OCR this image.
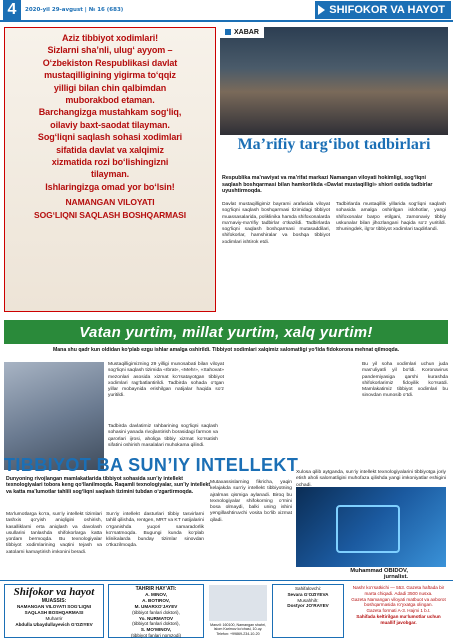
4	2020-yil 29-avgust | № 16 (683)	SHIFOKOR VA HAYOT

Aziz tibbiyot xodimlari!
Sizlarni sha’nli, ulug‘ ayyom –
O‘zbekiston Respublikasi davlat
mustaqilligining yigirma to‘qqiz
yilligi bilan chin qalbimdan
muborakbod etaman.
Barchangizga mustahkam sog‘liq,
oilaviy baxt-saodat tilayman.
Sog‘liqni saqlash sohasi xodimlari
sifatida davlat va xalqimiz
xizmatida rozi bo‘lishingizni
tilayman.
Ishlaringizga omad yor bo‘lsin!

NAMANGAN VILOYATI
SOG‘LIQNI SAQLASH BOSHQARMASI

XABAR
Ma’rifiy targ‘ibot tadbirlari
Respublika ma’naviyat va ma’rifat markazi Namangan viloyati hokimligi, sog‘liqni saqlash boshqarmasi bilan hamkorlikda «Davlat mustaqilligi» shiori ostida tadbirlar uyushtirmoqda.
Davlat mustaqilligimiz bayrami arafasida viloyat sog‘liqni saqlash boshqarmasi tizimidagi tibbiyot muassasalarida, poliklinika hamda shifoxonalarda ma’naviy-ma’rifiy tadbirlar o‘tkazildi. Tadbirlarda sog‘liqni saqlash boshqarmasi mutasaddilari, shifokorlar, hamshiralar va boshqa tibbiyot xodimlari ishtirok etdi.
Tadbirlarda mustaqillik yillarida sog‘liqni saqlash sohasida amalga oshirilgan islohotlar, yangi shifoxonalar barpo etilgani, zamonaviy tibbiy uskunalar bilan jihozlangani haqida so‘z yuritildi. Shuningdek, ilg‘or tibbiyot xodimlari taqdirlandi.
Vatan yurtim, millat yurtim, xalq yurtim!
Mana shu qadr kun oldidan ko‘plab ezgu ishlar amalga oshirildi. Tibbiyot xodimlari xalqimiz salomatligi yo‘lida fidokorona mehnat qilmoqda.
Mustaqilligimizning 29 yilligi munosabati bilan viloyat sog‘liqni saqlash tizimida «Ibrat», «Mehr», «Sahovat» mezonlari asosida xizmat ko‘rsatayotgan tibbiyot xodimlari rag‘batlantirildi. Tadbirda sohada o‘tgan yillar mobaynida erishilgan natijalar haqida so‘z yuritildi.
Tadbirda davlatimiz rahbarining sog‘liqni saqlash sohasini yanada rivojlantirish borasidagi farmon va qarorlari ijrosi, aholiga tibbiy xizmat ko‘rsatish sifatini oshirish masalalari muhokama qilindi.
Bu yil soha xodimlari uchun juda mas’uliyatli yil bo‘ldi. Koronavirus pandemiyasiga qarshi kurashda shifokorlarimiz fidoyilik ko‘rsatdi. Mamlakatimiz tibbiyot xodimlari bu sinovdan munosib o‘tdi.
TIBBIYOT BA SUN’IY INTELLEKT
Dunyoning rivojlangan mamlakatlarida tibbiyot sohasida sun’iy intellekt texnologiyalari tobora keng qo‘llanilmoqda. Raqamli texnologiyalar, sun’iy intellekt va katta ma’lumotlar tahlili sog‘liqni saqlash tizimini tubdan o‘zgartirmoqda.
Ma’lumotlarga ko‘ra, sun’iy intellekt tizimlari tashxis qo‘yish aniqligini oshirish, kasalliklarni erta aniqlash va davolash usullarini tanlashda shifokorlarga katta yordam bermoqda. Bu texnologiyalar tibbiyot xodimlarining vaqtini tejash va xatolarni kamaytirish imkonini beradi.
Sun’iy intellekt dasturlari tibbiy tasvirlarni tahlil qilishda, rentgen, MRT va KT natijalarini o‘rganishda yuqori samaradorlik ko‘rsatmoqda. Bugungi kunda ko‘plab klinikalarda bunday tizimlar sinovdan o‘tkazilmoqda.
Mutaxassislarning fikricha, yaqin kelajakda sun’iy intellekt tibbiyotning ajralmas qismiga aylanadi. Biroq bu texnologiyalar shifokorning o‘rnini bosa olmaydi, balki uning ishini yengillashtiruvchi vosita bo‘lib xizmat qiladi.
Xulosa qilib aytganda, sun’iy intellekt texnologiyalarini tibbiyotga joriy etish aholi salomatligini muhofaza qilishda yangi imkoniyatlar eshigini ochadi.
Muhammad OBIDOV,
jurnalist.
Shifokor va hayot
MUASSIS:
NAMANGAN VILOYATI SOG‘LIQNI SAQLASH BOSHQARMASI
Muharrir
Abdulla Ubaydullayevich G‘OZIYEV
TAHRIR HAY’ATI:
A. MINOV,
A. BOTIROV,
M. UMARXO‘JAYEV
(tibbiyot fanlari doktori),
Yo. NURMATOV
(tibbiyot fanlari doktori),
S. MO‘MINOV,
(tibbiyot fanlari nomzodi)
Manzil: 160100, Namangan shahri, Islom Karimov ko‘chasi, 10-uy. Telefon: +99869-234-10-20
Sahifalovchi:
Sevara G‘OZIYEVA
Musahhih:
Dostyor JO‘RAYEV
Nashr ko‘rsatkichi — 553. Gazeta haftada bir marta chiqadi. Adadi 3500 nusxa.
Gazeta Namangan viloyati matbuot va axborot boshqarmasida ro‘yxatga olingan.
Gazeta formati A-3. Hajmi 1 b.t.
Sahifada keltirilgan ma’lumotlar uchun muallif javobgar.
